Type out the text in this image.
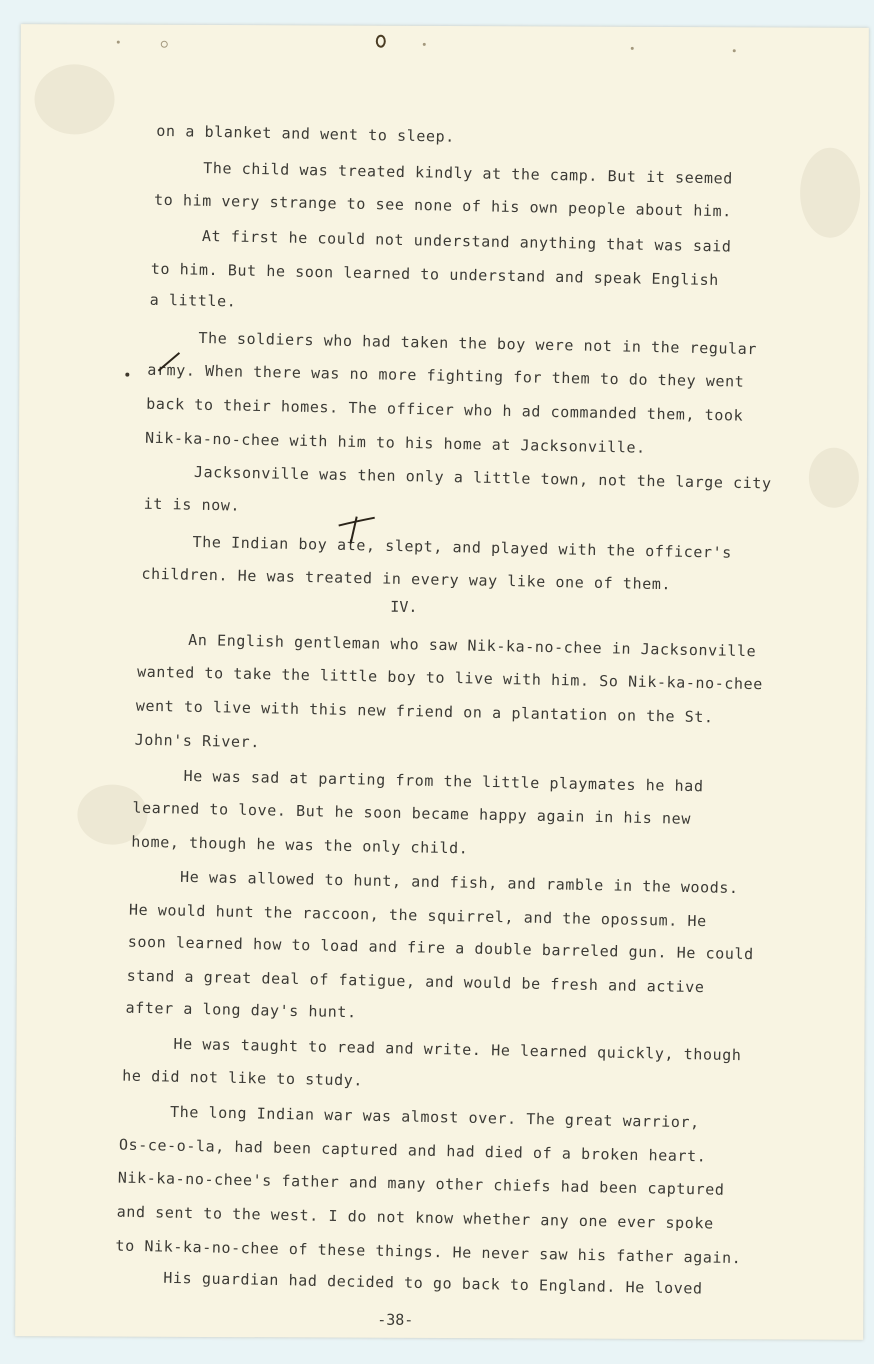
on a blanket and went to sleep.
The child was treated kindly at the camp. But it seemed
to him very strange to see none of his own people about him.
At first he could not understand anything that was said
to him. But he soon learned to understand and speak English
a little.
The soldiers who had taken the boy were not in the regular
army. When there was no more fighting for them to do they went
back to their homes. The officer who h ad commanded them, took
Nik-ka-no-chee with him to his home at Jacksonville.
Jacksonville was then only a little town, not the large city
it is now.
The Indian boy ate, slept, and played with the officer's
children. He was treated in every way like one of them.
IV.
An English gentleman who saw Nik-ka-no-chee in Jacksonville
wanted to take the little boy to live with him. So Nik-ka-no-chee
went to live with this new friend on a plantation on the St.
John's River.
He was sad at parting from the little playmates he had
learned to love. But he soon became happy again in his new
home, though he was the only child.
He was allowed to hunt, and fish, and ramble in the woods.
He would hunt the raccoon, the squirrel, and the opossum. He
soon learned how to load and fire a double barreled gun. He could
stand a great deal of fatigue, and would be fresh and active
after a long day's hunt.
He was taught to read and write. He learned quickly, though
he did not like to study.
The long Indian war was almost over. The great warrior,
Os-ce-o-la, had been captured and had died of a broken heart.
Nik-ka-no-chee's father and many other chiefs had been captured
and sent to the west. I do not know whether any one ever spoke
to Nik-ka-no-chee of these things. He never saw his father again.
His guardian had decided to go back to England. He loved
-38-
